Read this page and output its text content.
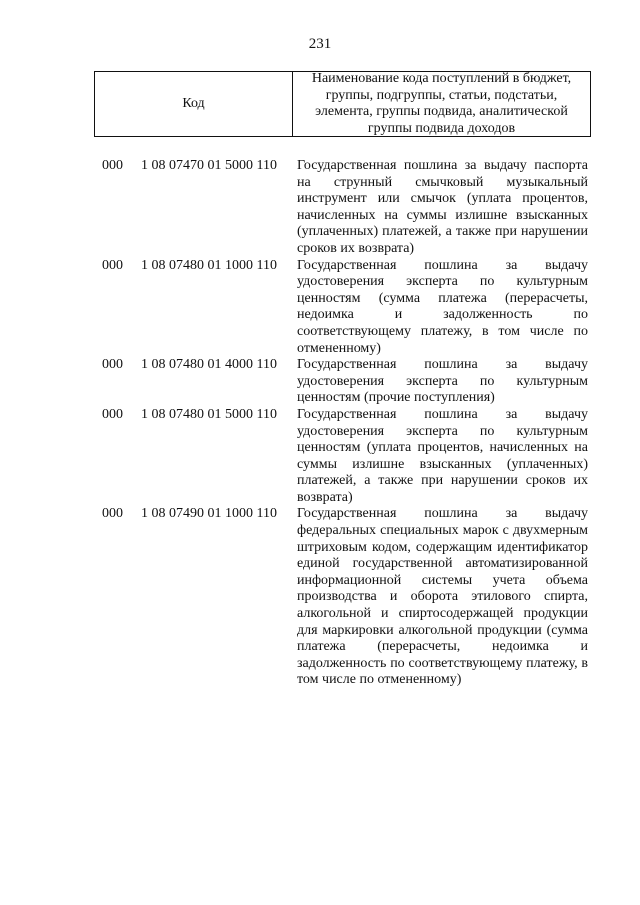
231
Код
Наименование кода поступлений в бюджет, группы, подгруппы, статьи, подстатьи, элемента, группы подвида, аналитической группы подвида доходов
000 1 08 07470 01 5000 110 Государственная пошлина за выдачу паспорта на струнный смычковый музыкальный инструмент или смычок (уплата процентов, начисленных на суммы излишне взысканных (уплаченных) платежей, а также при нарушении сроков их возврата)
000 1 08 07480 01 1000 110 Государственная пошлина за выдачу удостоверения эксперта по культурным ценностям (сумма платежа (перерасчеты, недоимка и задолженность по соответствующему платежу, в том числе по отмененному)
000 1 08 07480 01 4000 110 Государственная пошлина за выдачу удостоверения эксперта по культурным ценностям (прочие поступления)
000 1 08 07480 01 5000 110 Государственная пошлина за выдачу удостоверения эксперта по культурным ценностям (уплата процентов, начисленных на суммы излишне взысканных (уплаченных) платежей, а также при нарушении сроков их возврата)
000 1 08 07490 01 1000 110 Государственная пошлина за выдачу федеральных специальных марок с двухмерным штриховым кодом, содержащим идентификатор единой государственной автоматизированной информационной системы учета объема производства и оборота этилового спирта, алкогольной и спиртосодержащей продукции для маркировки алкогольной продукции (сумма платежа (перерасчеты, недоимка и задолженность по соответствующему платежу, в том числе по отмененному)
